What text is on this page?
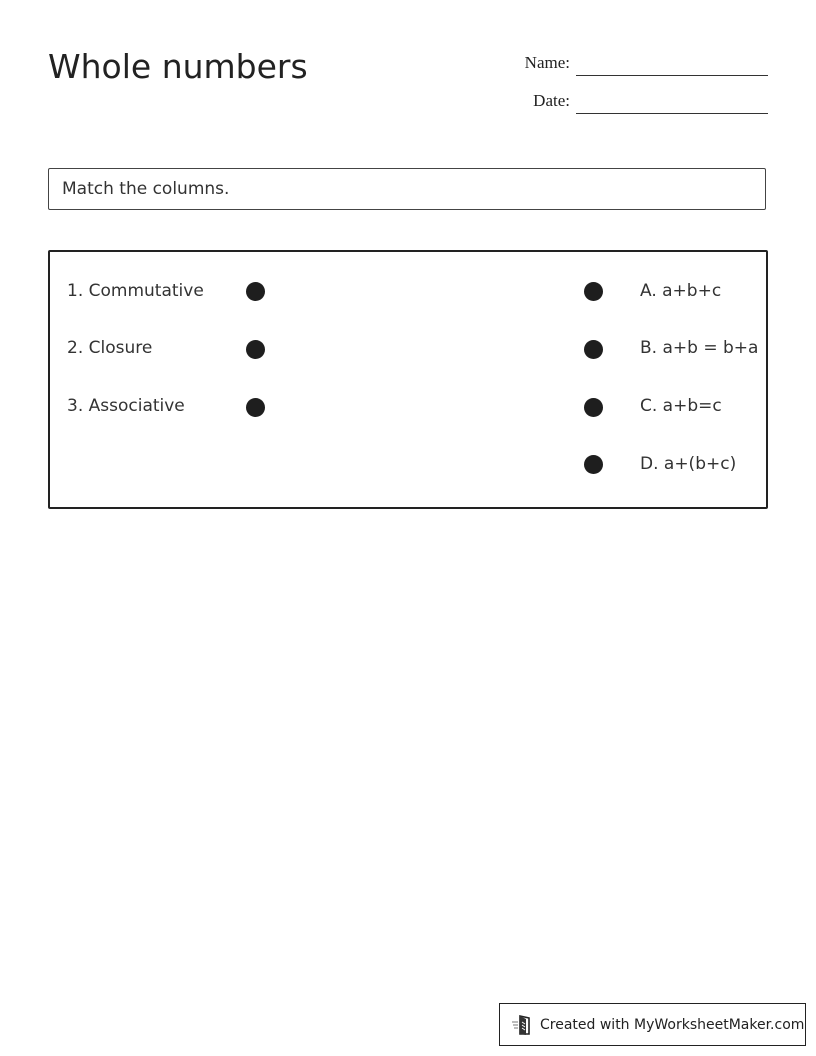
Whole numbers	Name:
Date:
Match the columns.
1. Commutative
2. Closure
3. Associative
A. a+b+c
B. a+b = b+a
C. a+b=c
D. a+(b+c)
Created with MyWorksheetMaker.com
